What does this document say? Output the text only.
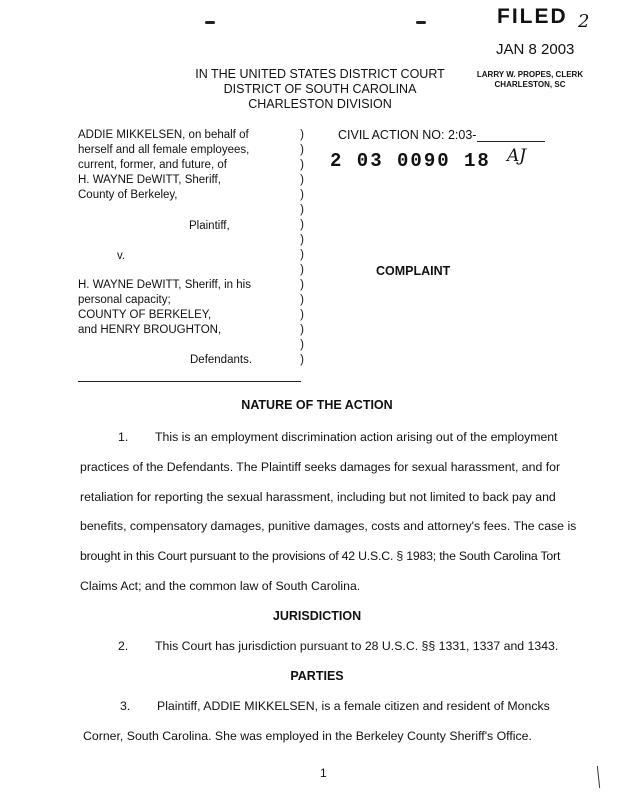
FILED 2
JAN 8 2003
LARRY W. PROPES, CLERK
CHARLESTON, SC
IN THE UNITED STATES DISTRICT COURT
DISTRICT OF SOUTH CAROLINA
CHARLESTON DIVISION
ADDIE MIKKELSEN, on behalf of
herself and all female employees,
current, former, and future, of
H. WAYNE DeWITT, Sheriff,
County of Berkeley,
Plaintiff,
v.
H. WAYNE DeWITT, Sheriff, in his
personal capacity;
COUNTY OF BERKELEY,
and HENRY BROUGHTON,
Defendants.
)
)
)
)
)
)
)
)
)
)
)
)
)
)
)
)
CIVIL ACTION NO: 2:03-
2 03 0090 18 AJ
COMPLAINT
NATURE OF THE ACTION
1. This is an employment discrimination action arising out of the employment
practices of the Defendants. The Plaintiff seeks damages for sexual harassment, and for
retaliation for reporting the sexual harassment, including but not limited to back pay and
benefits, compensatory damages, punitive damages, costs and attorney's fees. The case is
brought in this Court pursuant to the provisions of 42 U.S.C. § 1983; the South Carolina Tort
Claims Act; and the common law of South Carolina.
JURISDICTION
2. This Court has jurisdiction pursuant to 28 U.S.C. §§ 1331, 1337 and 1343.
PARTIES
3. Plaintiff, ADDIE MIKKELSEN, is a female citizen and resident of Moncks
Corner, South Carolina. She was employed in the Berkeley County Sheriff's Office.
1
